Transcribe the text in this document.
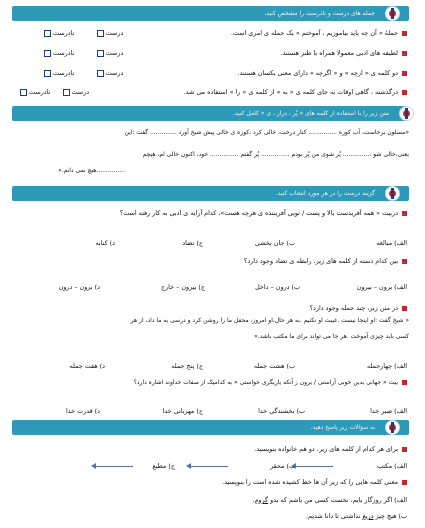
جمله های درست و نادرست را مشخص کنید.
جملۀ « آن چه باید بیاموزیم ، آموختم » یک جمله ی امری است.
درست           نادرست
لطیفه های ادبی معمولا همراه با طنز هستند.
درست           نادرست
دو کلمه ی « ارچه » و « اگرچه » دارای معنی یکسان هستند.
درست           نادرست
درگذشته ، گاهی اوقات به جای کلمه ی « به » از کلمه ی « را » استفاده می شد.
درست      نادرست
متن زیر را با استفاده از کلمه های « پُر ، دراز ، ی » کامل کنید.
«مسلون برخاست، آب کوزه ............... کنار درخت، خالی کرد ،کوزه ی خالی پیش شیخ آورد .............. گفت :این
یعنی،خالی شو ............... پُر شوی من پُر بودم ............... پُر گفتم ............... خود، اکنون خالی ام، هیچم
...............هیچ نمی دانم.»
گزینه درست را در هر مورد انتخاب کنید.
دربیت « همه آفریدست بالا و پست / تویی آفریننده ی هرچه هست»، کدام آرایه ی ادبی به کار رفته است؟
الف) مبالغه
ب) جان بخشی
ج) تضاد
د) کنایه
بین کدام دسته از کلمه های زیر، رابطه ی تضاد وجود دارد؟
الف) برون – بیرون
ب) درون – داخل
ج) بیرون – خارج
د) برون – درون
در متن زیر، چند جمله وجود دارد؟
« شیخ گفت :او اینجا نیست .غیبت او نکنیم .به هر حال،او امروز، محفل ما را روشن کرد و درسی به ما داد، از هر
کسی باید چیزی آموخت .هر جا می تواند برای ما مکتب باشد.»
الف) چهارجمله
ب) هشت جمله
ج) پنج جمله
د) هفت جمله
بیت « جهانی بدین خوبی آراستی / برون ز آنکه یاریگری خواستی » به کدامیک از صفات خداوند اشاره دارد؟
الف) صبر خدا
ب) بخشندگی خدا
ج) مهربانی خدا
د) قدرت خدا
به سؤالات زیر پاسخ دهید.
برای هر کدام از کلمه های زیر، دو هم خانواده بنویسید.
الف) مکتب
ب) محقر
ج) مطبع
معنی کلمه هایی را که زیر آن ها خط کشیده شده است را بنویسید.
الف) اگر روزگار یابم، نخست کسی من باشم که بدو گروم.
ب) هیچ چیز دریغ نداشتی تا دانا شدیم.
